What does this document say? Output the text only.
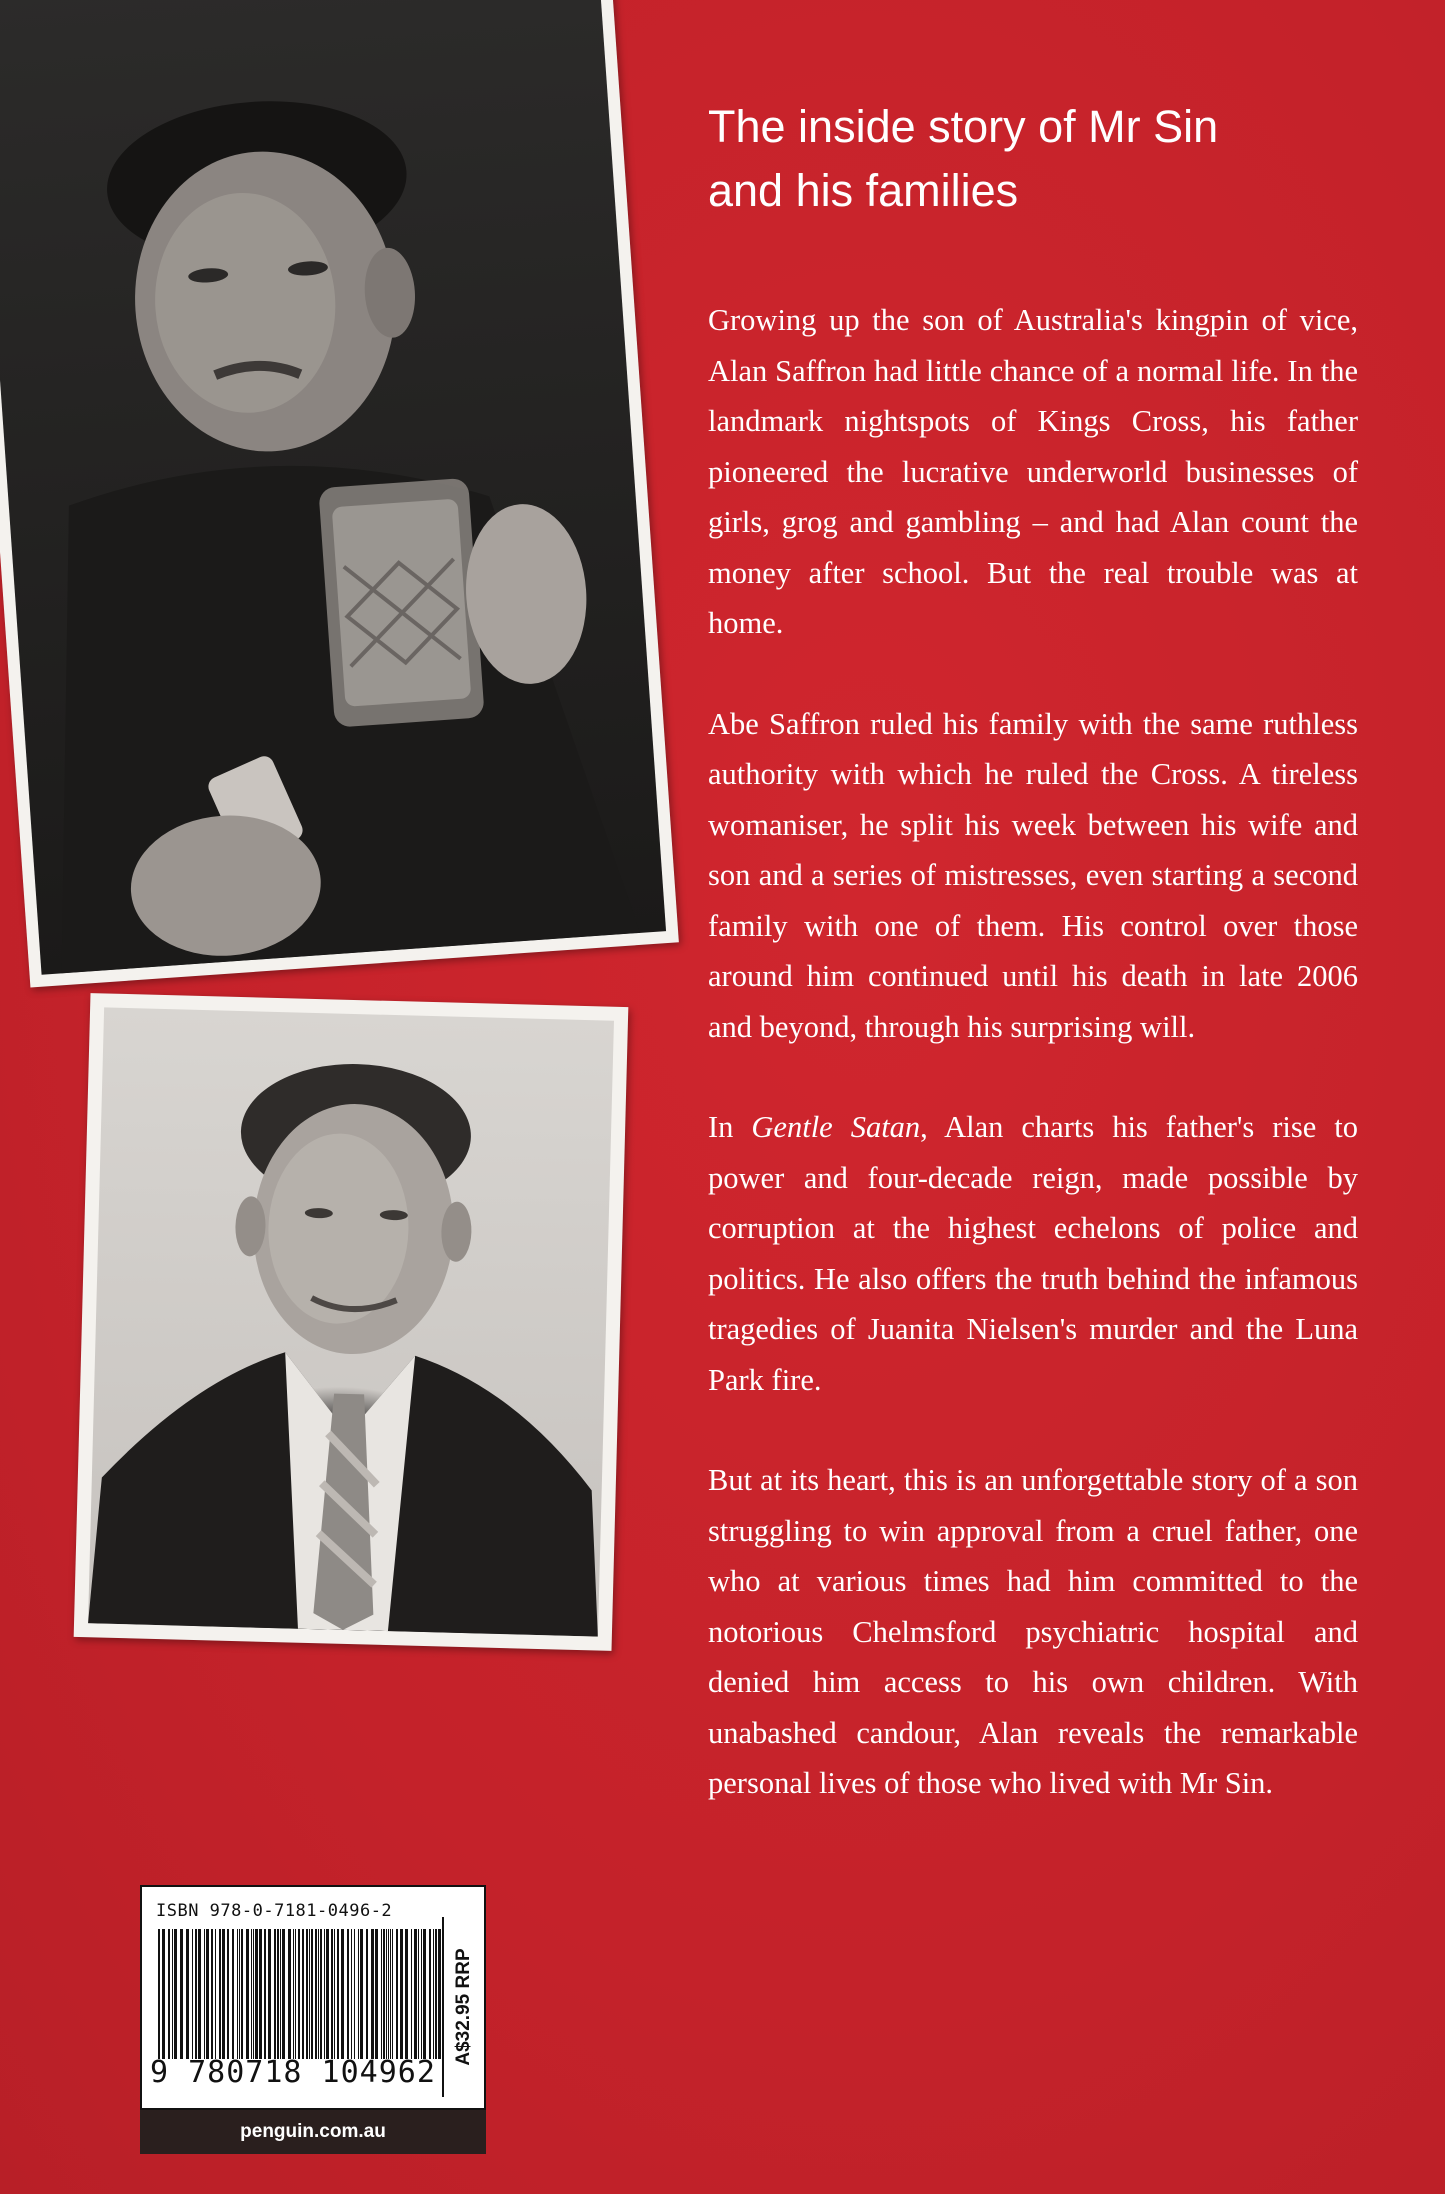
The inside story of Mr Sin
and his families

Growing up the son of Australia's kingpin of vice, Alan Saffron had little chance of a normal life. In the landmark nightspots of Kings Cross, his father pioneered the lucrative underworld businesses of girls, grog and gambling – and had Alan count the money after school. But the real trouble was at home.

Abe Saffron ruled his family with the same ruthless authority with which he ruled the Cross. A tireless womaniser, he split his week between his wife and son and a series of mistresses, even starting a second family with one of them. His control over those around him continued until his death in late 2006 and beyond, through his surprising will.

In Gentle Satan, Alan charts his father's rise to power and four-decade reign, made possible by corruption at the highest echelons of police and politics. He also offers the truth behind the infamous tragedies of Juanita Nielsen's murder and the Luna Park fire.

But at its heart, this is an unforgettable story of a son struggling to win approval from a cruel father, one who at various times had him committed to the notorious Chelmsford psychiatric hospital and denied him access to his own children. With unabashed candour, Alan reveals the remarkable personal lives of those who lived with Mr Sin.

ISBN 978-0-7181-0496-2
9 780718 104962
A$32.95 RRP
penguin.com.au
